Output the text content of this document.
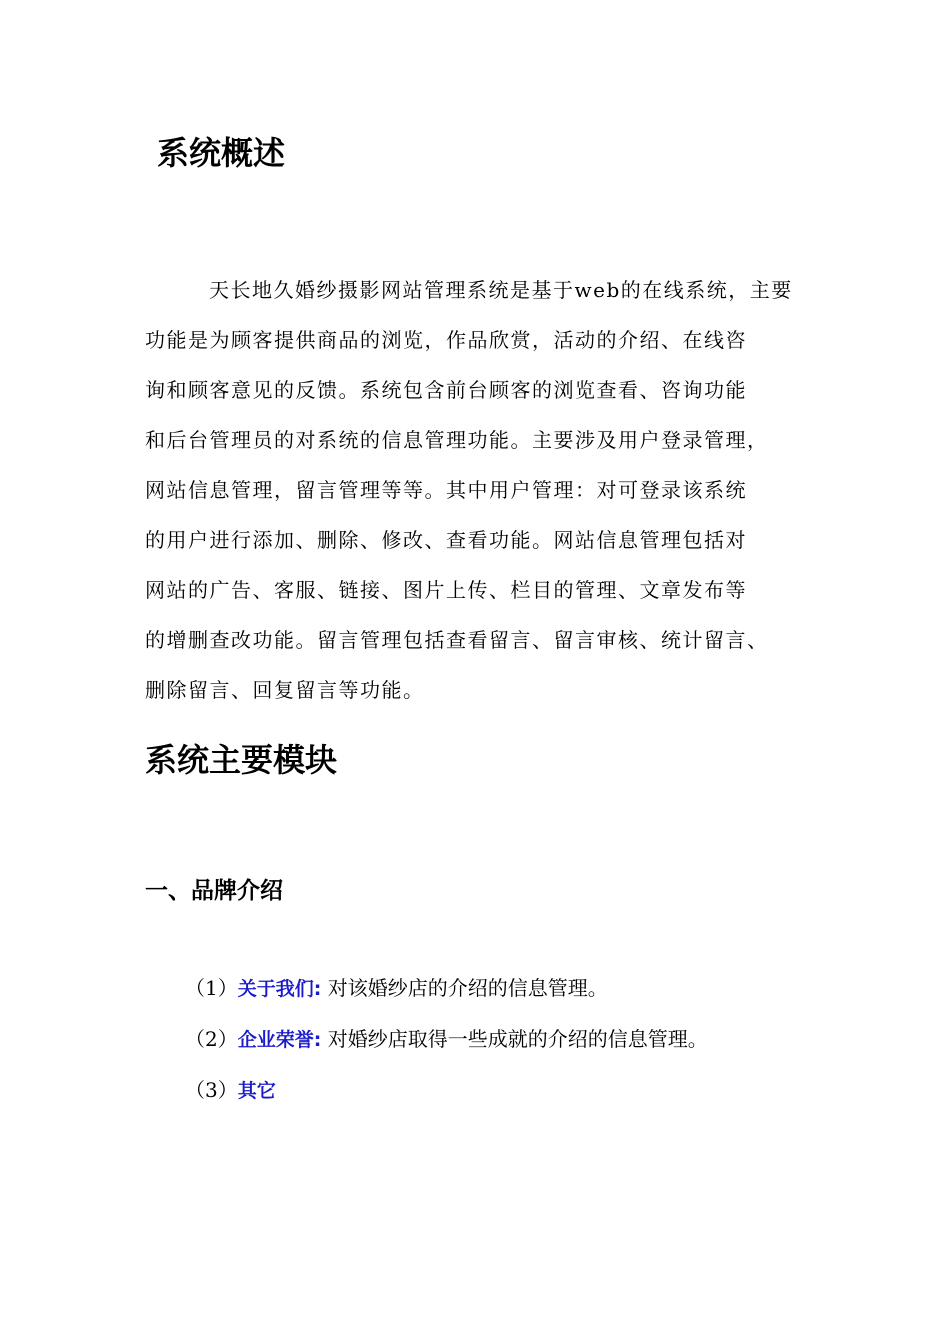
系统概述

天长地久婚纱摄影网站管理系统是基于web的在线系统，主要
功能是为顾客提供商品的浏览，作品欣赏，活动的介绍、在线咨
询和顾客意见的反馈。系统包含前台顾客的浏览查看、咨询功能
和后台管理员的对系统的信息管理功能。主要涉及用户登录管理，
网站信息管理，留言管理等等。其中用户管理：对可登录该系统
的用户进行添加、删除、修改、查看功能。网站信息管理包括对
网站的广告、客服、链接、图片上传、栏目的管理、文章发布等
的增删查改功能。留言管理包括查看留言、留言审核、统计留言、
删除留言、回复留言等功能。

系统主要模块
一、品牌介绍
（1）关于我们: 对该婚纱店的介绍的信息管理。
（2）企业荣誉: 对婚纱店取得一些成就的介绍的信息管理。
（3）其它
